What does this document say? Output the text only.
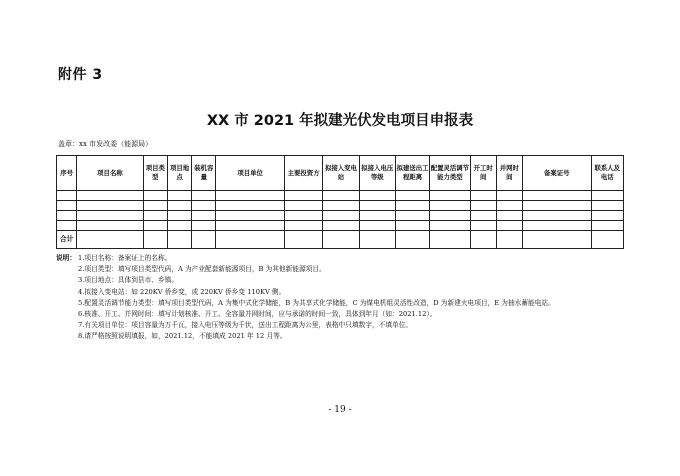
附件 3
XX 市 2021 年拟建光伏发电项目申报表
盖章：xx 市发改委（能源局）
序号	项目名称	项目类型	项目地点	装机容量	项目单位	主要投资方	拟接入变电站	拟接入电压等级	拟建送出工程距离	配置灵活调节能力类型	开工时间	并网时间	备案证号	联系人及电话

合计														
说明： 1.项目名称：备案证上的名称。
2.项目类型：填写项目类型代码，A 为产业配套新能源项目，B 为其他新能源项目。
3.项目地点：具体到县市、乡镇。
4.拟接入变电站：如 220KV 侨乡变，或 220KV 侨乡变 110KV 侧。
5.配置灵活调节能力类型：填写项目类型代码，A 为集中式化学储能，B 为共享式化学储能，C 为煤电机组灵活性改造，D 为新建火电项目，E 为抽水蓄能电站。
6.核准、开工、并网时间：填写计划核准、开工、全容量并网时间，应与承诺的时间一致，具体到年月（如：2021.12）。
7.有关项目单位：项目容量为万千瓦，接入电压等级为千伏，送出工程距离为公里，表格中只填数字，不填单位。
8.请严格按照说明填报，如，2021.12，不能填成 2021 年 12 月等。
- 19 -
